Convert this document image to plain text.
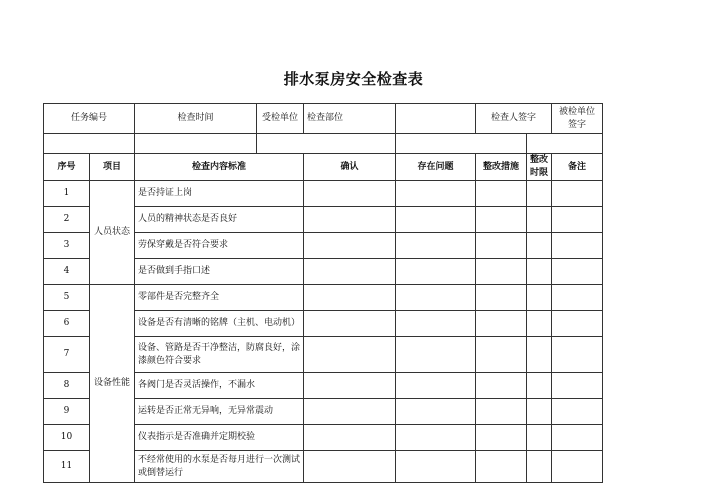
排水泵房安全检查表
任务编号		检查时间	受检单位	检查部位		检查人签字		被检单位签字

序号	项目	检查内容标准		确认	存在问题	整改措施	整改时限	备注
1	人员状态	是否持证上岗						
2		人员的精神状态是否良好						
3		劳保穿戴是否符合要求						
4		是否做到手指口述						
5	设备性能	零部件是否完整齐全						
6		设备是否有清晰的铭牌（主机、电动机）						
7		设备、管路是否干净整洁，防腐良好，涂漆颜色符合要求						
8		各阀门是否灵活操作，不漏水						
9		运转是否正常无异响，无异常震动						
10		仪表指示是否准确并定期校验						
11		不经常使用的水泵是否每月进行一次测试或倒替运行						
